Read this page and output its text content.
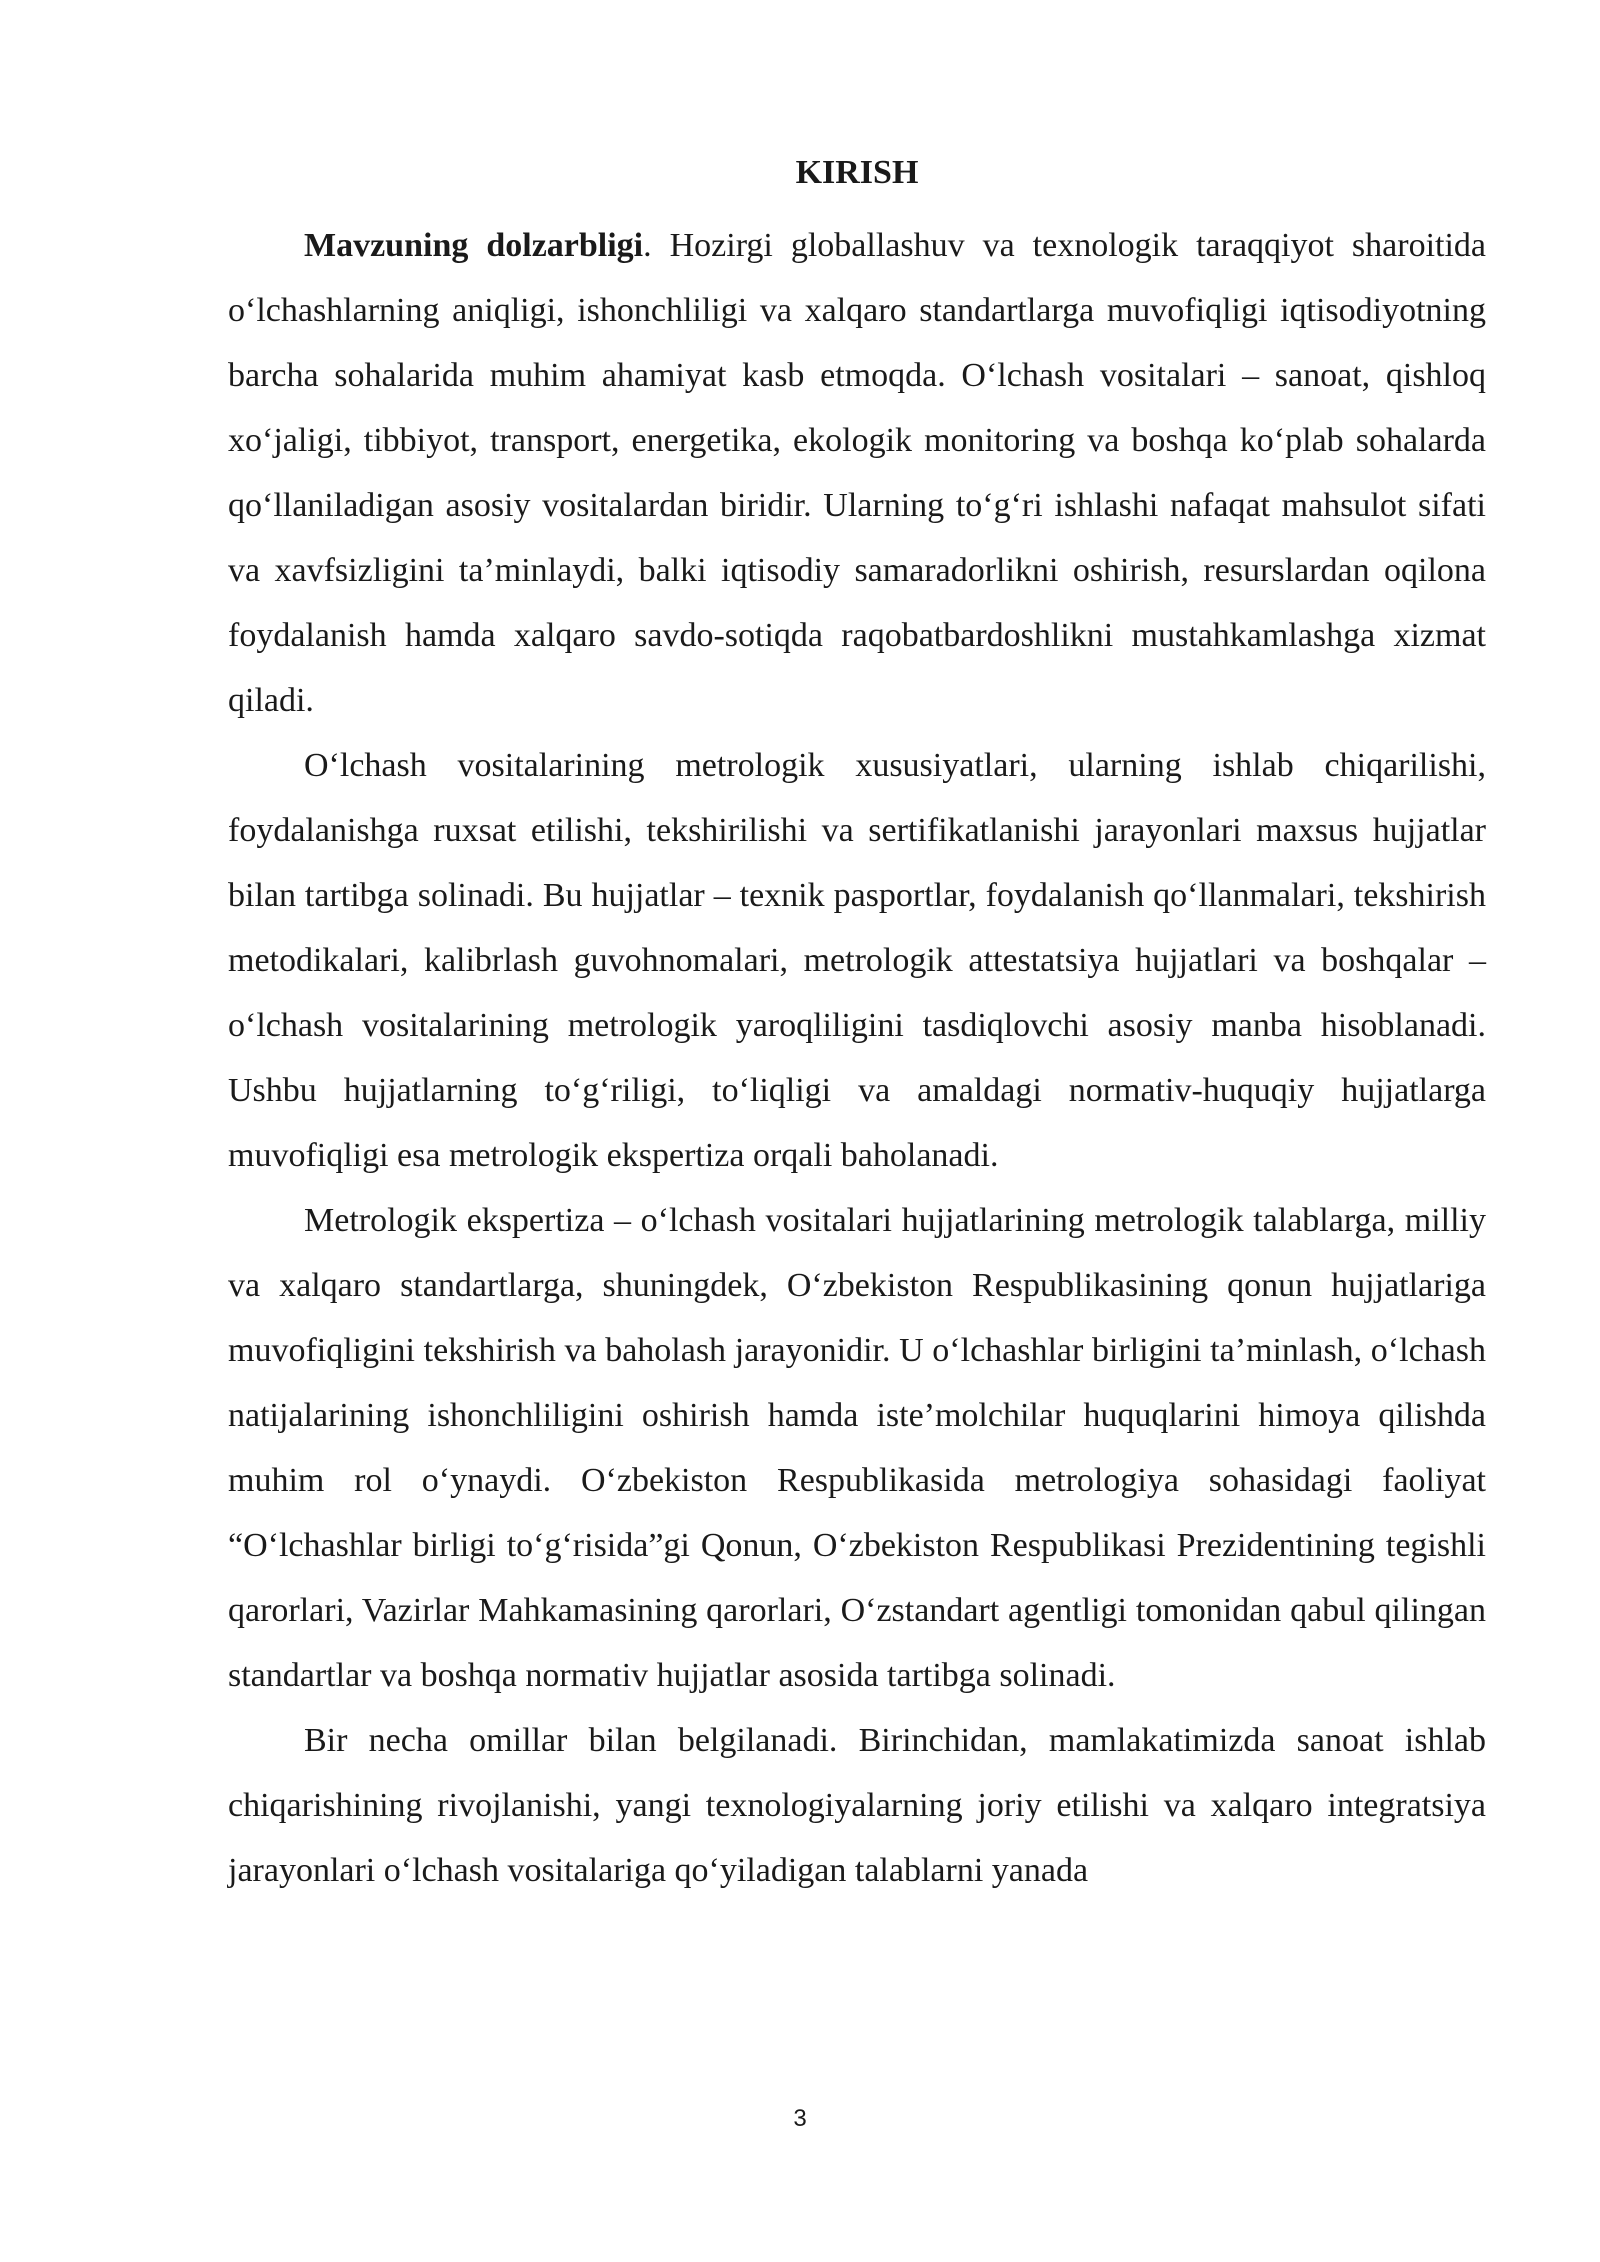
KIRISH

Mavzuning dolzarbligi. Hozirgi globallashuv va texnologik taraqqiyot sharoitida o‘lchashlarning aniqligi, ishonchliligi va xalqaro standartlarga muvofiqligi iqtisodiyotning barcha sohalarida muhim ahamiyat kasb etmoqda. O‘lchash vositalari – sanoat, qishloq xo‘jaligi, tibbiyot, transport, energetika, ekologik monitoring va boshqa ko‘plab sohalarda qo‘llaniladigan asosiy vositalardan biridir. Ularning to‘g‘ri ishlashi nafaqat mahsulot sifati va xavfsizligini ta’minlaydi, balki iqtisodiy samaradorlikni oshirish, resurslardan oqilona foydalanish hamda xalqaro savdo-sotiqda raqobatbardoshlikni mustahkamlashga xizmat qiladi.

O‘lchash vositalarining metrologik xususiyatlari, ularning ishlab chiqarilishi, foydalanishga ruxsat etilishi, tekshirilishi va sertifikatlanishi jarayonlari maxsus hujjatlar bilan tartibga solinadi. Bu hujjatlar – texnik pasportlar, foydalanish qo‘llanmalari, tekshirish metodikalari, kalibrlash guvohnomalari, metrologik attestatsiya hujjatlari va boshqalar – o‘lchash vositalarining metrologik yaroqliligini tasdiqlovchi asosiy manba hisoblanadi. Ushbu hujjatlarning to‘g‘riligi, to‘liqligi va amaldagi normativ-huquqiy hujjatlarga muvofiqligi esa metrologik ekspertiza orqali baholanadi.

Metrologik ekspertiza – o‘lchash vositalari hujjatlarining metrologik talablarga, milliy va xalqaro standartlarga, shuningdek, O‘zbekiston Respublikasining qonun hujjatlariga muvofiqligini tekshirish va baholash jarayonidir. U o‘lchashlar birligini ta’minlash, o‘lchash natijalarining ishonchliligini oshirish hamda iste’molchilar huquqlarini himoya qilishda muhim rol o‘ynaydi. O‘zbekiston Respublikasida metrologiya sohasidagi faoliyat “O‘lchashlar birligi to‘g‘risida”gi Qonun, O‘zbekiston Respublikasi Prezidentining tegishli qarorlari, Vazirlar Mahkamasining qarorlari, O‘zstandart agentligi tomonidan qabul qilingan standartlar va boshqa normativ hujjatlar asosida tartibga solinadi.

Bir necha omillar bilan belgilanadi. Birinchidan, mamlakatimizda sanoat ishlab chiqarishining rivojlanishi, yangi texnologiyalarning joriy etilishi va xalqaro integratsiya jarayonlari o‘lchash vositalariga qo‘yiladigan talablarni yanada

3
